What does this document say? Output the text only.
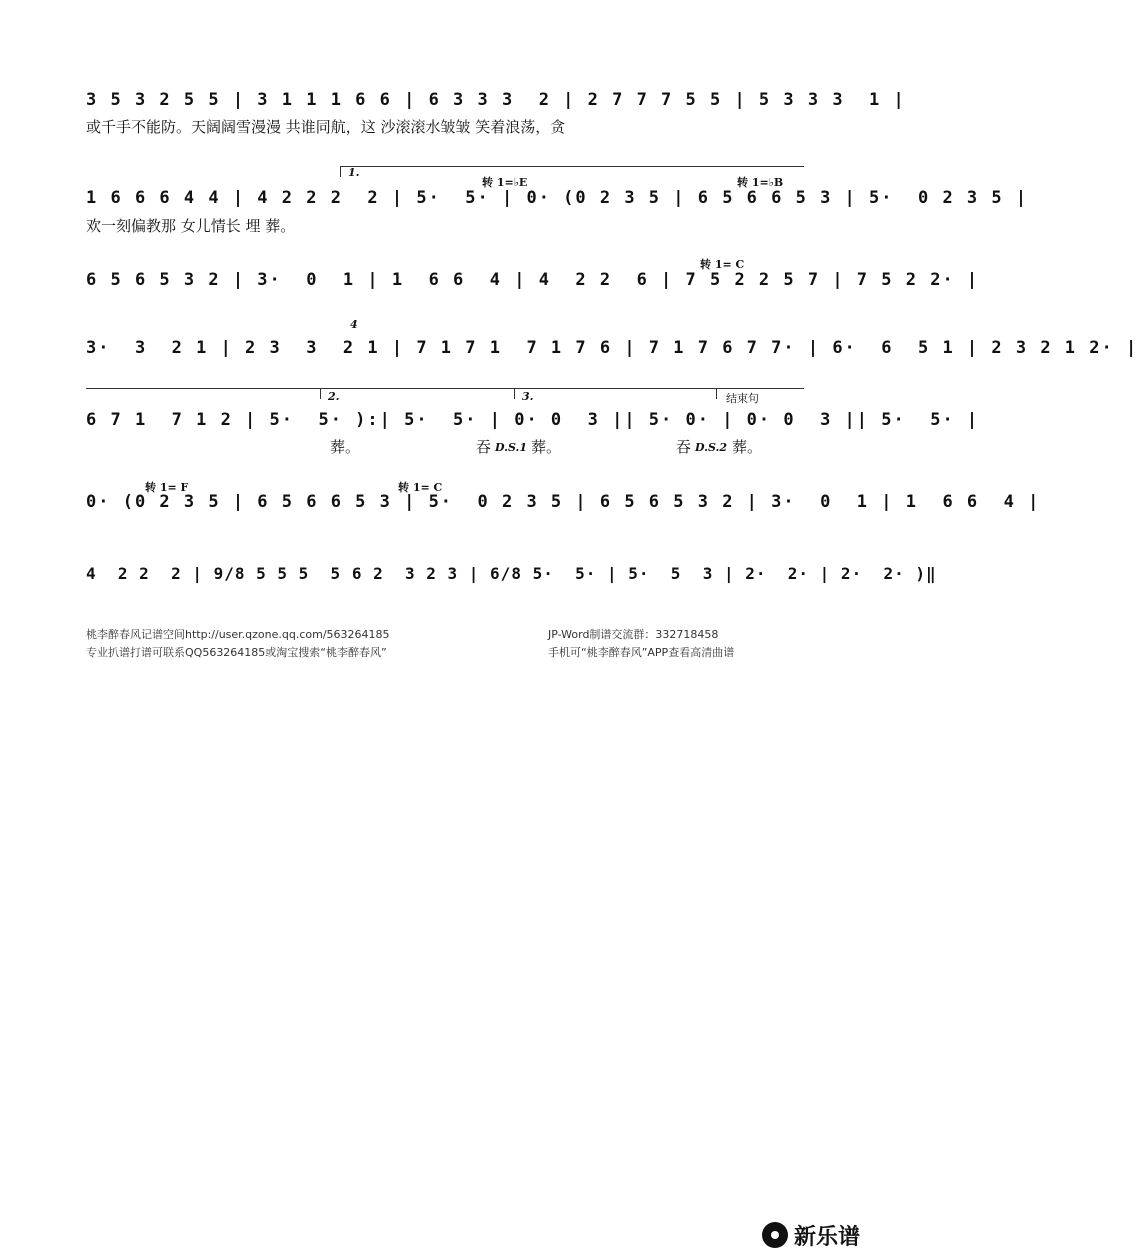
3 5 3 2 5 5 | 3 1 1 1 6 6 | 6 3 3 3  2 | 2 7 7 7 5 5 | 5 3 3 3  1 |
或千手不能防。天阔阔雪漫漫 共谁同航，这 沙滚滚水皱皱 笑着浪荡，贪
1.
转 1=♭E	转 1=♭B
1 6 6 6 4 4 | 4 2 2 2  2 | 5·  5· | 0· (0 2 3 5 | 6 5 6 6 5 3 | 5·  0 2 3 5 |
欢一刻偏教那 女儿情长 埋 葬。
转 1= C
6 5 6 5 3 2 | 3·  0  1 | 1  6 6  4 | 4  2 2  6 | 7 5 2 2 5 7 | 7 5 2 2· |
4
3·  3  2 1 | 2 3  3  2 1 | 7 1 7 1  7 1 7 6 | 7 1 7 6 7 7· | 6·  6  5 1 | 2 3 2 1 2· |
2.	3.	结束句
6 7 1  7 1 2 | 5·  5· ):| 5·  5· | 0· 0  3 || 5· 0· | 0· 0  3 || 5·  5· |
葬。	吞 D.S.1 葬。	吞 D.S.2 葬。
转 1= F	转 1= C
0· (0 2 3 5 | 6 5 6 6 5 3 | 5·  0 2 3 5 | 6 5 6 5 3 2 | 3·  0  1 | 1  6 6  4 |
4  2 2  2 | 9/8 5 5 5  5 6 2  3 2 3 | 6/8 5·  5· | 5·  5  3 | 2·  2· | 2·  2· )‖
桃李醉春风记谱空间http://user.qzone.qq.com/563264185
专业扒谱打谱可联系QQ563264185或淘宝搜索“桃李醉春风”
JP-Word制谱交流群：332718458
手机可“桃李醉春风”APP查看高清曲谱
新乐谱
